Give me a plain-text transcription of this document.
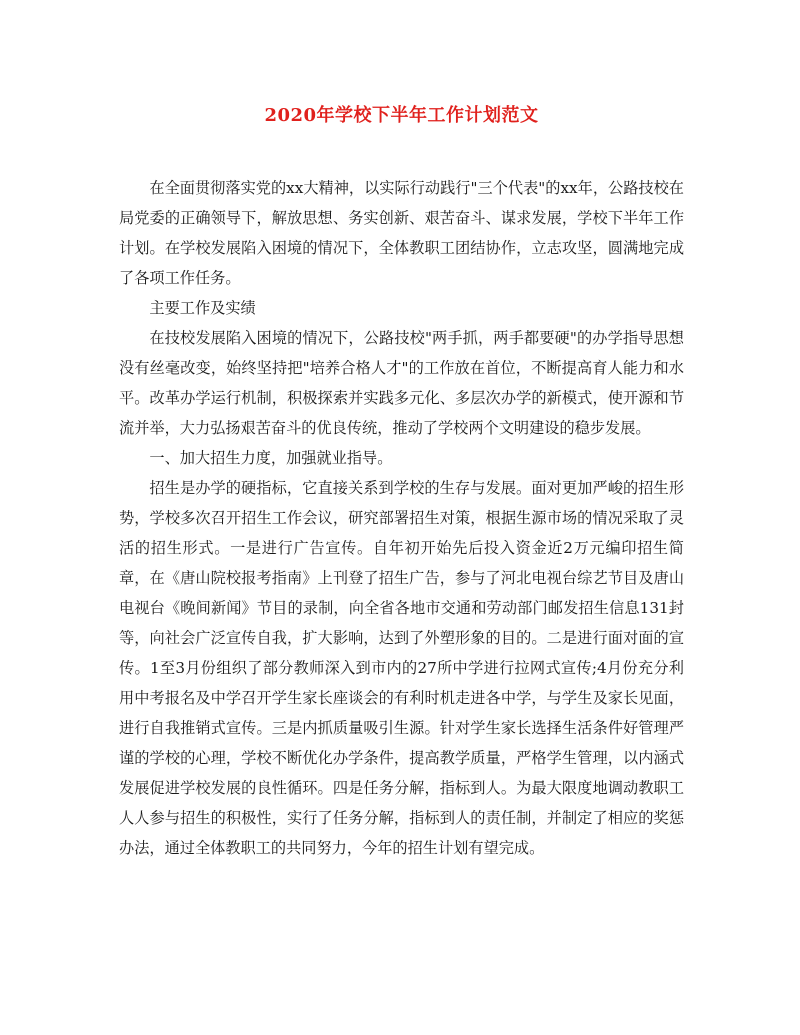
2020年学校下半年工作计划范文

在全面贯彻落实党的xx大精神，以实际行动践行"三个代表"的xx年，公路技校在局党委的正确领导下，解放思想、务实创新、艰苦奋斗、谋求发展，学校下半年工作计划。在学校发展陷入困境的情况下，全体教职工团结协作，立志攻坚，圆满地完成了各项工作任务。

主要工作及实绩

在技校发展陷入困境的情况下，公路技校"两手抓，两手都要硬"的办学指导思想没有丝毫改变，始终坚持把"培养合格人才"的工作放在首位，不断提高育人能力和水平。改革办学运行机制，积极探索并实践多元化、多层次办学的新模式，使开源和节流并举，大力弘扬艰苦奋斗的优良传统，推动了学校两个文明建设的稳步发展。

一、加大招生力度，加强就业指导。

招生是办学的硬指标，它直接关系到学校的生存与发展。面对更加严峻的招生形势，学校多次召开招生工作会议，研究部署招生对策，根据生源市场的情况采取了灵活的招生形式。一是进行广告宣传。自年初开始先后投入资金近2万元编印招生简章，在《唐山院校报考指南》上刊登了招生广告，参与了河北电视台综艺节目及唐山电视台《晚间新闻》节目的录制，向全省各地市交通和劳动部门邮发招生信息131封等，向社会广泛宣传自我，扩大影响，达到了外塑形象的目的。二是进行面对面的宣传。1至3月份组织了部分教师深入到市内的27所中学进行拉网式宣传;4月份充分利用中考报名及中学召开学生家长座谈会的有利时机走进各中学，与学生及家长见面，进行自我推销式宣传。三是内抓质量吸引生源。针对学生家长选择生活条件好管理严谨的学校的心理，学校不断优化办学条件，提高教学质量，严格学生管理，以内涵式发展促进学校发展的良性循环。四是任务分解，指标到人。为最大限度地调动教职工人人参与招生的积极性，实行了任务分解，指标到人的责任制，并制定了相应的奖惩办法，通过全体教职工的共同努力，今年的招生计划有望完成。
